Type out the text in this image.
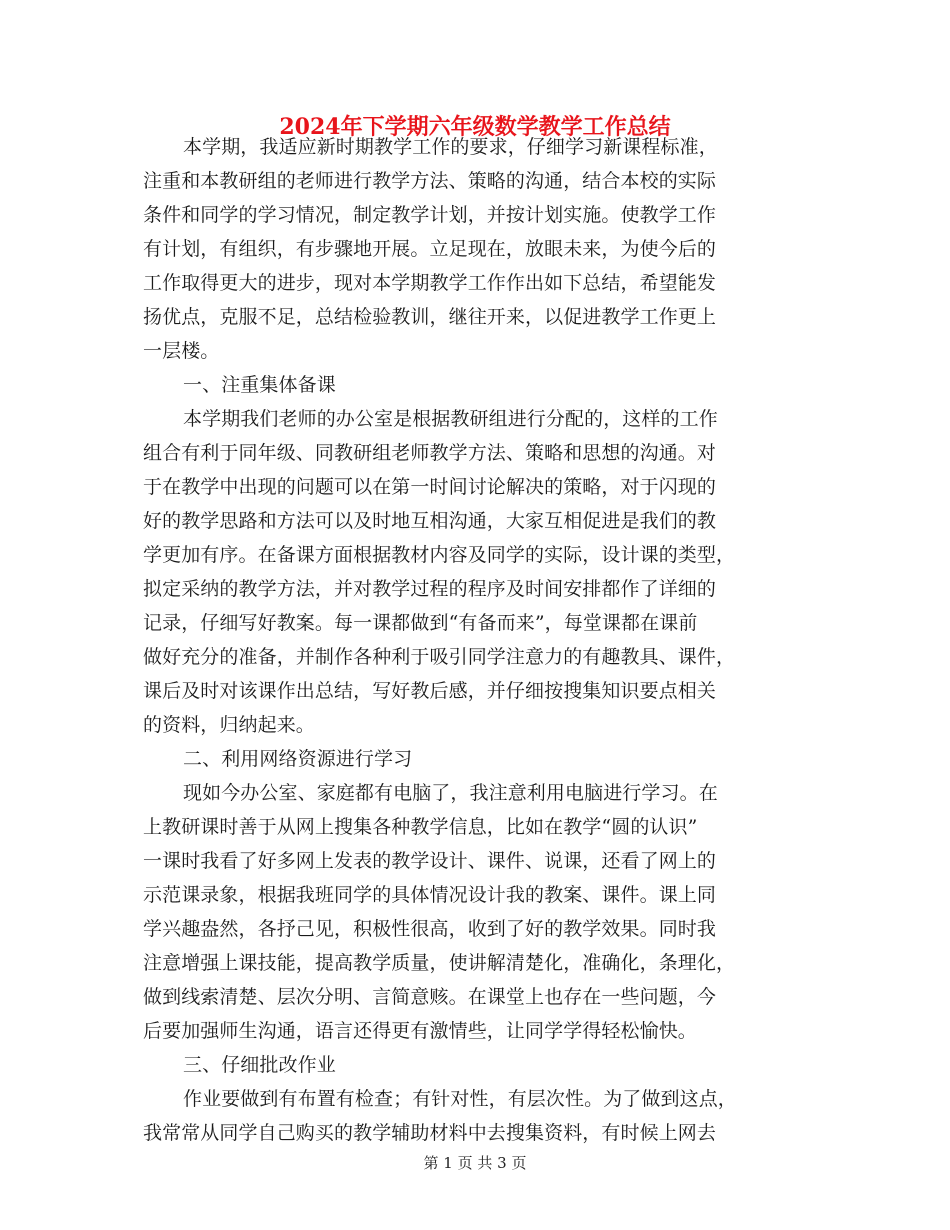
2024年下学期六年级数学教学工作总结
本学期，我适应新时期教学工作的要求，仔细学习新课程标准，
注重和本教研组的老师进行教学方法、策略的沟通，结合本校的实际
条件和同学的学习情况，制定教学计划，并按计划实施。使教学工作
有计划，有组织，有步骤地开展。立足现在，放眼未来，为使今后的
工作取得更大的进步，现对本学期教学工作作出如下总结，希望能发
扬优点，克服不足，总结检验教训，继往开来，以促进教学工作更上
一层楼。
一、注重集体备课
本学期我们老师的办公室是根据教研组进行分配的，这样的工作
组合有利于同年级、同教研组老师教学方法、策略和思想的沟通。对
于在教学中出现的问题可以在第一时间讨论解决的策略，对于闪现的
好的教学思路和方法可以及时地互相沟通，大家互相促进是我们的教
学更加有序。在备课方面根据教材内容及同学的实际，设计课的类型，
拟定采纳的教学方法，并对教学过程的程序及时间安排都作了详细的
记录，仔细写好教案。每一课都做到“有备而来”，每堂课都在课前
做好充分的准备，并制作各种利于吸引同学注意力的有趣教具、课件，
课后及时对该课作出总结，写好教后感，并仔细按搜集知识要点相关
的资料，归纳起来。
二、利用网络资源进行学习
现如今办公室、家庭都有电脑了，我注意利用电脑进行学习。在
上教研课时善于从网上搜集各种教学信息，比如在教学“圆的认识”
一课时我看了好多网上发表的教学设计、课件、说课，还看了网上的
示范课录象，根据我班同学的具体情况设计我的教案、课件。课上同
学兴趣盎然，各抒己见，积极性很高，收到了好的教学效果。同时我
注意增强上课技能，提高教学质量，使讲解清楚化，准确化，条理化，
做到线索清楚、层次分明、言简意赅。在课堂上也存在一些问题，今
后要加强师生沟通，语言还得更有激情些，让同学学得轻松愉快。
三、仔细批改作业
作业要做到有布置有检查；有针对性，有层次性。为了做到这点，
我常常从同学自己购买的教学辅助材料中去搜集资料，有时候上网去
第 1 页 共 3 页
